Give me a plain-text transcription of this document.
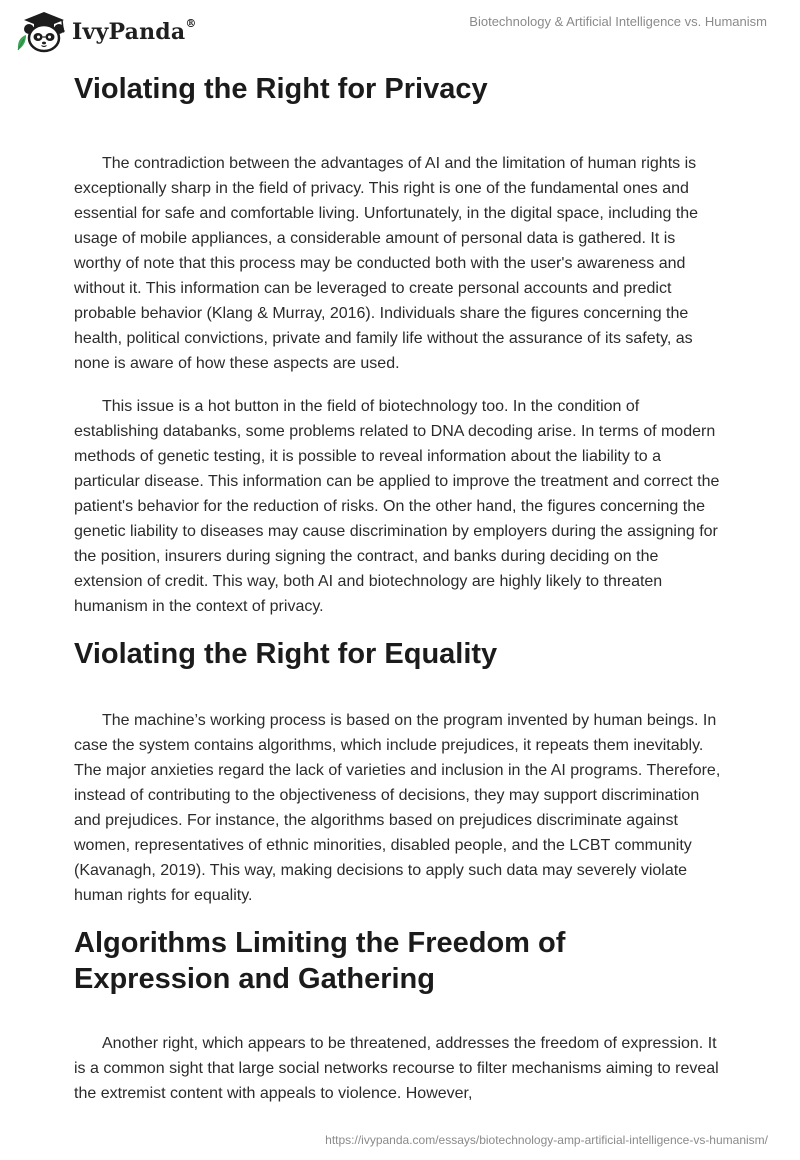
IvyPanda®	Biotechnology & Artificial Intelligence vs. Humanism
Violating the Right for Privacy

The contradiction between the advantages of AI and the limitation of human rights is exceptionally sharp in the field of privacy. This right is one of the fundamental ones and essential for safe and comfortable living. Unfortunately, in the digital space, including the usage of mobile appliances, a considerable amount of personal data is gathered. It is worthy of note that this process may be conducted both with the user's awareness and without it. This information can be leveraged to create personal accounts and predict probable behavior (Klang & Murray, 2016). Individuals share the figures concerning the health, political convictions, private and family life without the assurance of its safety, as none is aware of how these aspects are used.

This issue is a hot button in the field of biotechnology too. In the condition of establishing databanks, some problems related to DNA decoding arise. In terms of modern methods of genetic testing, it is possible to reveal information about the liability to a particular disease. This information can be applied to improve the treatment and correct the patient's behavior for the reduction of risks. On the other hand, the figures concerning the genetic liability to diseases may cause discrimination by employers during the assigning for the position, insurers during signing the contract, and banks during deciding on the extension of credit. This way, both AI and biotechnology are highly likely to threaten humanism in the context of privacy.

Violating the Right for Equality

The machine’s working process is based on the program invented by human beings. In case the system contains algorithms, which include prejudices, it repeats them inevitably. The major anxieties regard the lack of varieties and inclusion in the AI programs. Therefore, instead of contributing to the objectiveness of decisions, they may support discrimination and prejudices. For instance, the algorithms based on prejudices discriminate against women, representatives of ethnic minorities, disabled people, and the LCBT community (Kavanagh, 2019). This way, making decisions to apply such data may severely violate human rights for equality.

Algorithms Limiting the Freedom of Expression and Gathering

Another right, which appears to be threatened, addresses the freedom of expression. It is a common sight that large social networks recourse to filter mechanisms aiming to reveal the extremist content with appeals to violence. However,

https://ivypanda.com/essays/biotechnology-amp-artificial-intelligence-vs-humanism/
